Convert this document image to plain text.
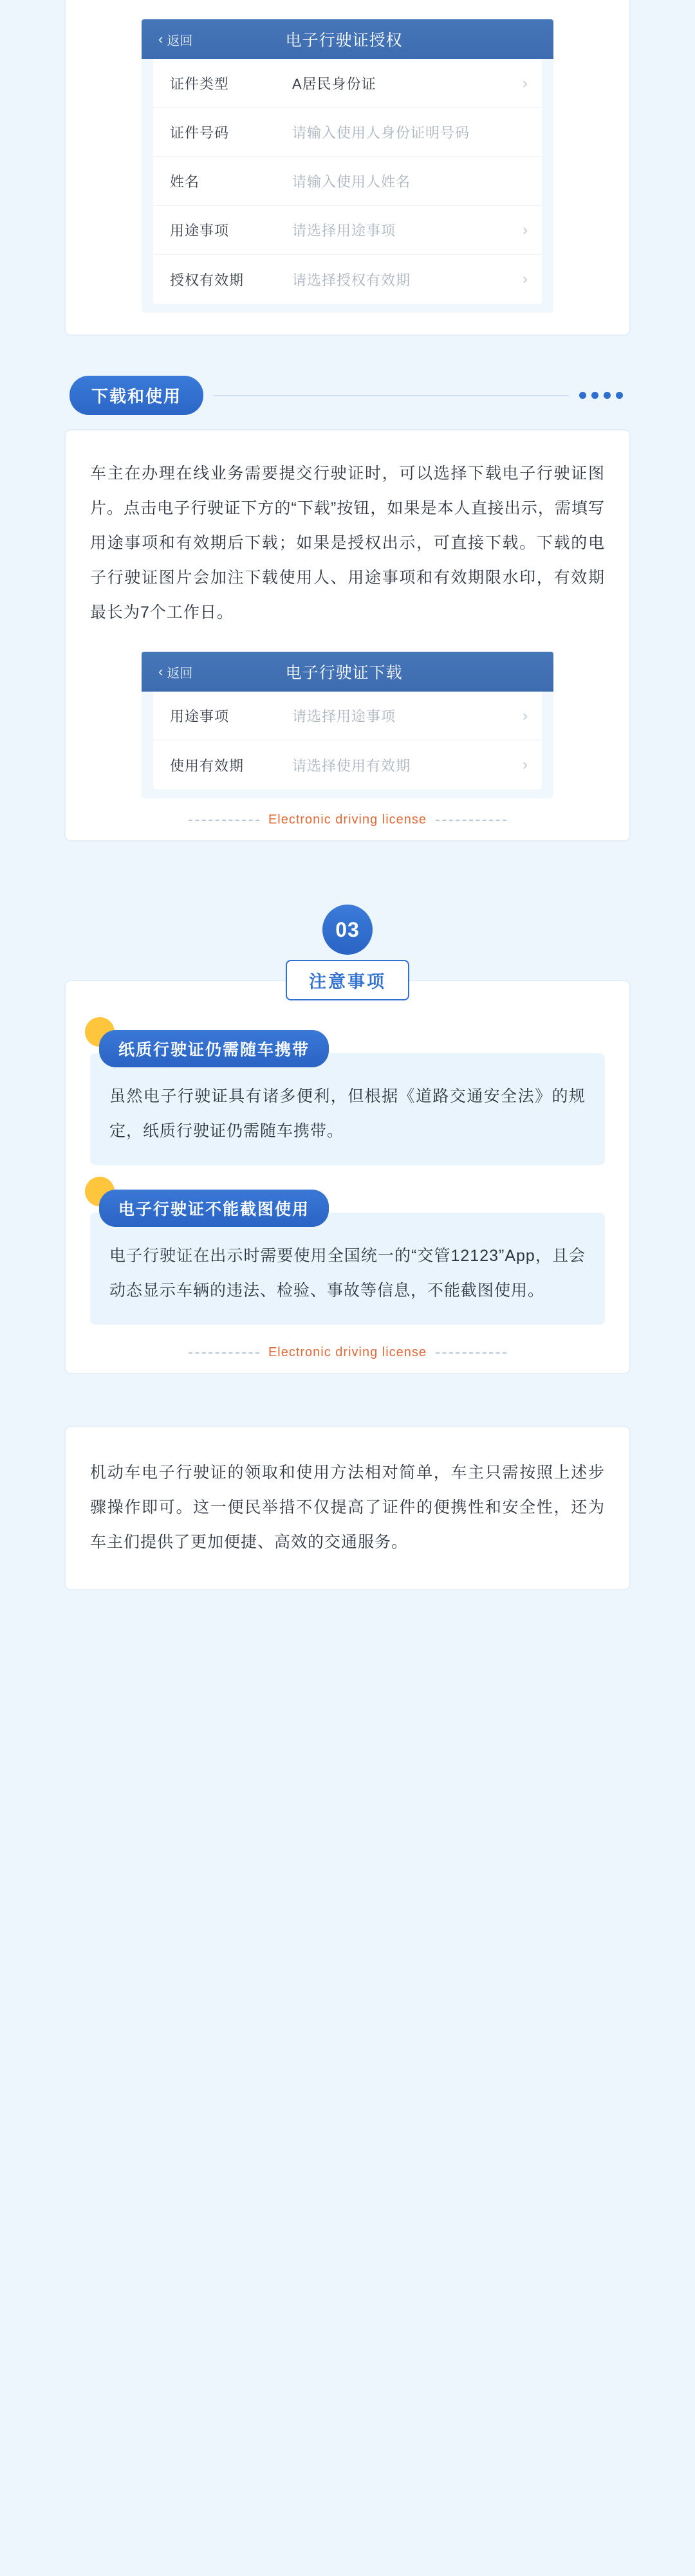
‹ 返回	电子行驶证授权
证件类型	A居民身份证	›
证件号码	请输入使用人身份证明号码
姓名	请输入使用人姓名
用途事项	请选择用途事项	›
授权有效期	请选择授权有效期	›
下载和使用

车主在办理在线业务需要提交行驶证时，可以选择下载电子行驶证图片。点击电子行驶证下方的“下载”按钮，如果是本人直接出示，需填写用途事项和有效期后下载；如果是授权出示，可直接下载。下载的电子行驶证图片会加注下载使用人、用途事项和有效期限水印，有效期最长为7个工作日。

‹ 返回	电子行驶证下载
用途事项	请选择用途事项	›
使用有效期	请选择使用有效期	›
Electronic driving license
03
注意事项
纸质行驶证仍需随车携带
虽然电子行驶证具有诸多便利，但根据《道路交通安全法》的规定，纸质行驶证仍需随车携带。
电子行驶证不能截图使用
电子行驶证在出示时需要使用全国统一的“交管12123”App，且会动态显示车辆的违法、检验、事故等信息，不能截图使用。
Electronic driving license

机动车电子行驶证的领取和使用方法相对简单，车主只需按照上述步骤操作即可。这一便民举措不仅提高了证件的便携性和安全性，还为车主们提供了更加便捷、高效的交通服务。
